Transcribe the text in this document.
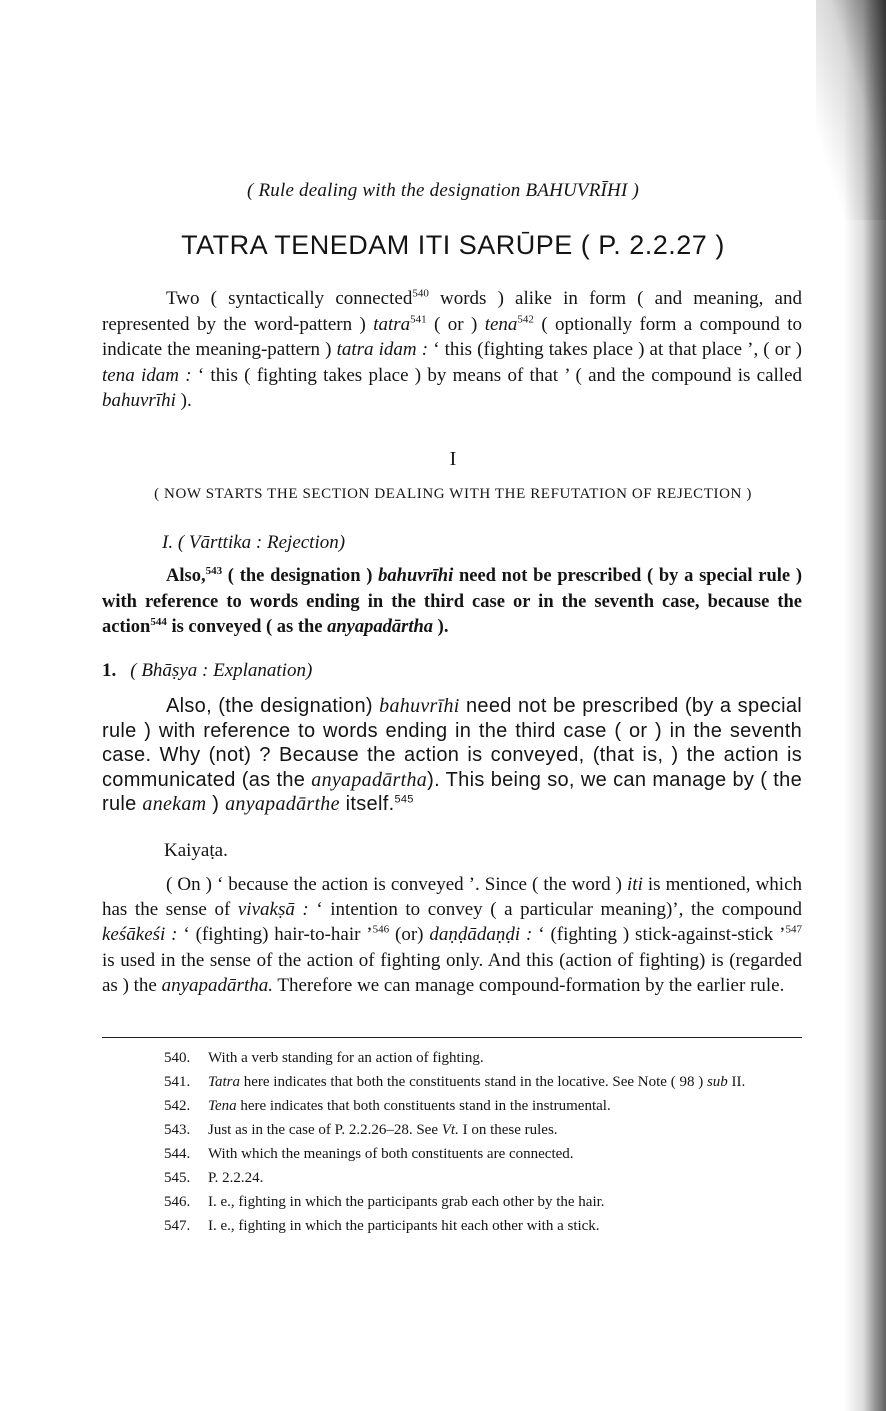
( Rule dealing with the designation BAHUVRĪHI )
TATRA TENEDAM ITI SARŪPE ( P. 2.2.27 )

Two ( syntactically connected$^{540}$ words ) alike in form ( and meaning, and represented by the word-pattern ) tatra$^{541}$ ( or ) tena$^{542}$ ( optionally form a compound to indicate the meaning-pattern ) tatra idam : ‘ this (fighting takes place ) at that place ’, ( or ) tena idam : ‘ this ( fighting takes place ) by means of that ’ ( and the compound is called bahuvrīhi ).

I
( NOW STARTS THE SECTION DEALING WITH THE REFUTATION OF REJECTION )
I. ( Vārttika : Rejection)

Also,$^{543}$ ( the designation ) bahuvrīhi need not be prescribed ( by a special rule ) with reference to words ending in the third case or in the seventh case, because the action$^{544}$ is conveyed ( as the anyapadārtha ).

1. ( Bhāṣya : Explanation)

Also, (the designation) bahuvrīhi need not be prescribed (by a special rule ) with reference to words ending in the third case ( or ) in the seventh case. Why (not) ? Because the action is conveyed, (that is, ) the action is communicated (as the anyapadārtha). This being so, we can manage by ( the rule anekam ) anyapadārthe itself.$^{545}$

Kaiyaṭa.

( On ) ‘ because the action is conveyed ’. Since ( the word ) iti is mentioned, which has the sense of vivakṣā : ‘ intention to convey ( a particular meaning)’, the compound keśākeśi : ‘ (fighting) hair-to-hair ’$^{546}$ (or) daṇḍādaṇḍi : ‘ (fighting ) stick-against-stick ’$^{547}$ is used in the sense of the action of fighting only. And this (action of fighting) is (regarded as ) the anyapadārtha. Therefore we can manage compound-formation by the earlier rule.

540. With a verb standing for an action of fighting.
541. Tatra here indicates that both the constituents stand in the locative. See Note ( 98 ) sub II.
542. Tena here indicates that both constituents stand in the instrumental.
543. Just as in the case of P. 2.2.26–28. See Vt. I on these rules.
544. With which the meanings of both constituents are connected.
545. P. 2.2.24.
546. I. e., fighting in which the participants grab each other by the hair.
547. I. e., fighting in which the participants hit each other with a stick.
